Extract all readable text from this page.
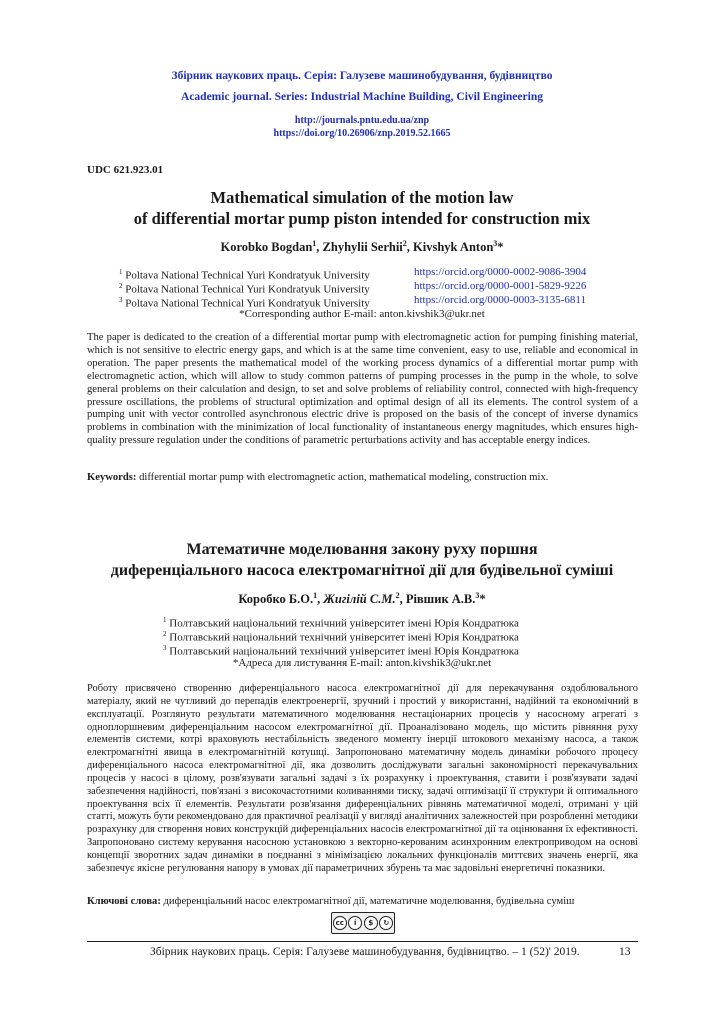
Збірник наукових праць. Серія: Галузеве машинобудування, будівництво
Academic journal. Series: Industrial Machine Building, Civil Engineering
http://journals.pntu.edu.ua/znp
https://doi.org/10.26906/znp.2019.52.1665
UDC 621.923.01
Mathematical simulation of the motion law
of differential mortar pump piston intended for construction mix
Korobko Bogdan$^1$, Zhyhylii Serhii$^2$, Kivshyk Anton$^3$*
$^1$ Poltava National Technical Yuri Kondratyuk University	https://orcid.org/0000-0002-9086-3904
$^2$ Poltava National Technical Yuri Kondratyuk University	https://orcid.org/0000-0001-5829-9226
$^3$ Poltava National Technical Yuri Kondratyuk University	https://orcid.org/0000-0003-3135-6811
*Corresponding author E-mail: anton.kivshik3@ukr.net
The paper is dedicated to the creation of a differential mortar pump with electromagnetic action for pumping finishing material, which is not sensitive to electric energy gaps, and which is at the same time convenient, easy to use, reliable and economical in operation. The paper presents the mathematical model of the working process dynamics of a differential mortar pump with electromagnetic action, which will allow to study common patterns of pumping processes in the pump in the whole, to solve general problems on their calculation and design, to set and solve problems of reliability control, connected with high-frequency pressure oscillations, the problems of structural optimization and optimal design of all its elements. The control system of a pumping unit with vector controlled asynchronous electric drive is proposed on the basis of the concept of inverse dynamics problems in combination with the minimization of local functionality of instantaneous energy magnitudes, which ensures high-quality pressure regulation under the conditions of parametric perturbations activity and has acceptable energy indices.
Keywords: differential mortar pump with electromagnetic action, mathematical modeling, construction mix.
Математичне моделювання закону руху поршня
диференціального насоса електромагнітної дії для будівельної суміші
Коробко Б.О.$^1$, Жигілій С.М.$^2$, Рівшик А.В.$^3$*
$^1$ Полтавський національний технічний університет імені Юрія Кондратюка
$^2$ Полтавський національний технічний університет імені Юрія Кондратюка
$^3$ Полтавський національний технічний університет імені Юрія Кондратюка
*Адреса для листування E-mail: anton.kivshik3@ukr.net
Роботу присвячено створенню диференціального насоса електромагнітної дії для перекачування оздоблювального матеріалу, який не чутливий до перепадів електроенергії, зручний і простий у використанні, надійний та економічний в експлуатації. Розглянуто результати математичного моделювання нестаціонарних процесів у насосному агрегаті з одноплоршневим диференціальним насосом електромагнітної дії. Проаналізовано модель, що містить рівняння руху елементів системи, котрі враховують нестабільність зведеного моменту інерції штокового механізму насоса, а також електромагнітні явища в електромагнітній котушці. Запропоновано математичну модель динаміки робочого процесу диференціального насоса електромагнітної дії, яка дозволить досліджувати загальні закономірності перекачувальних процесів у насосі в цілому, розв'язувати загальні задачі з їх розрахунку і проектування, ставити і розв'язувати задачі забезпечення надійності, пов'язані з високочастотними коливаннями тиску, задачі оптимізації її структури й оптимального проектування всіх її елементів. Результати розв'язання диференціальних рівнянь математичної моделі, отримані у цій статті, можуть бути рекомендовано для практичної реалізації у вигляді аналітичних залежностей при розробленні методики розрахунку для створення нових конструкцій диференціальних насосів електромагнітної дії та оцінювання їх ефективності. Запропоновано систему керування насосною установкою з векторно-керованим асинхронним електроприводом на основі концепції зворотних задач динаміки в поєднанні з мінімізацією локальних функціоналів миттєвих значень енергії, яка забезпечує якісне регулювання напору в умовах дії параметричних збурень та має задовільні енергетичні показники.
Ключові слова: диференціальний насос електромагнітної дії, математичне моделювання, будівельна суміш
cc	i	$	↻
Збірник наукових праць. Серія: Галузеве машинобудування, будівництво. – 1 (52)' 2019.	13
